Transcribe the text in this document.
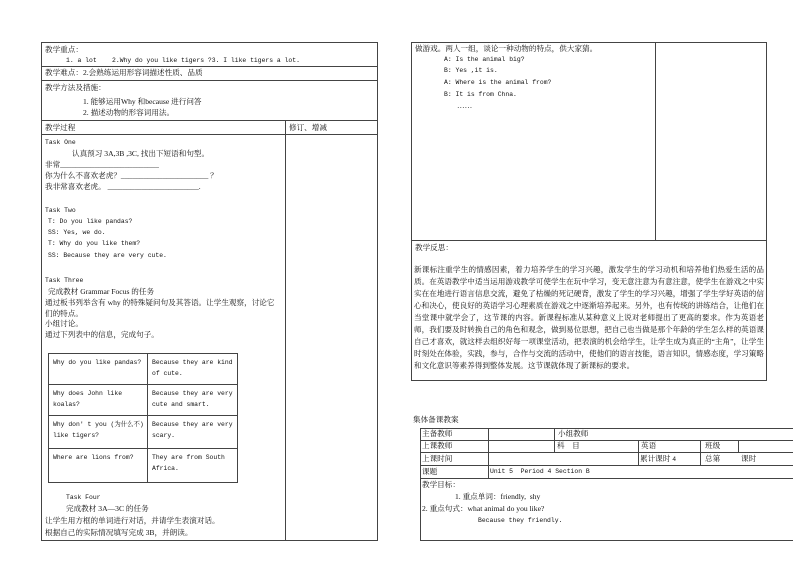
教学重点：
1. a lot    2.Why do you like tigers ?3. I like tigers a lot.
教学难点：2.会熟练运用形容词描述性质、品质
教学方法及措施：
1. 能够运用Why 和because 进行问答
2. 描述动物的形容词用法。
教学过程	修订、增减
Task One
认真预习 3A,3B ,3C, 找出下短语和句型。
非常__________________________
你为什么不喜欢老虎？_______________________ ？
我非常喜欢老虎。 ________________________.
Task Two
T: Do you like pandas?
SS: Yes, we do.
T: Why do you like them?
SS: Because they are very cute.
Task Three
完成教材 Grammar Focus 的任务
通过板书列举含有 why 的特殊疑问句及其答语。让学生观察，讨论它们的特点。
小组讨论。
通过下列表中的信息，完成句子。
Why do you like pandas?	Because they are kind of cute.
Why does John like koalas?	Because they are very cute and smart.
Why don' t you (为什么不) like tigers?	Because they are very scary.
Where are lions from?	They are from South Africa.
Task Four
完成教材 3A—3C 的任务
让学生用方框的单词进行对话，并请学生表演对话。
根据自己的实际情况填写完成 3B，并朗读。
做游戏。两人一组，谈论一种动物的特点，供大家猜。
A: Is the animal big?
B: Yes ,it is.
A: Where is the animal from?
B: It is from Chna.
……
教学反思：
新课标注重学生的情感因素，着力培养学生的学习兴趣，激发学生的学习动机和培养他们热爱生活的品质。在英语教学中适当运用游戏教学可使学生在玩中学习，变无意注意为有意注意，使学生在游戏之中实实在在地进行语言信息交流，避免了枯燥的死记硬背，激发了学生的学习兴趣，增强了学生学好英语的信心和决心，使良好的英语学习心理素质在游戏之中逐渐培养起来。另外，也有传统的讲练结合，让他们在当堂课中就学会了，这节课的内容。新课程标准从某种意义上说对老师提出了更高的要求。作为英语老师，我们要及时转换自己的角色和观念，做到易位思想，把自己也当做是那个年龄的学生怎么样的英语课自己才喜欢，就这样去组织好每一项课堂活动，把表演的机会给学生，让学生成为真正的“主角”，让学生时刻处在体验，实践，参与，合作与交流的活动中，使他们的语言技能，语言知识，情感态度，学习策略和文化意识等素养得到整体发展。这节课就体现了新课标的要求。
集体备课教案
主备教师	小组教师
上课教师	科    目	英语	班级
上课时间	累计课时 4	总第	课时
课题	Unit 5  Period 4 Section B
教学目标：
1. 重点单词：friendly,  shy
2. 重点句式：what animal do you like?
Because they friendly.
